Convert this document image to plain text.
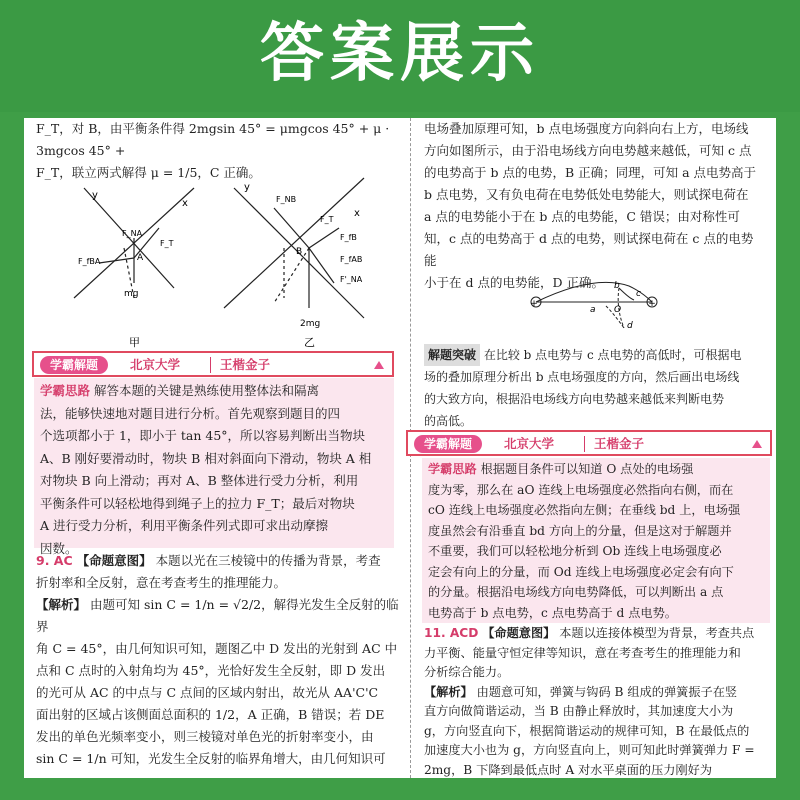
答案展示

F_T，对 B，由平衡条件得 2mgsin 45° = μmgcos 45° + μ · 3mgcos 45° +

F_T，联立两式解得 μ = 1/5，C 正确。

y
x
F_NA
F_T
F_fBA	A
mg
甲
y
x
F_NB
F_T
F_fB
B
F_fAB
F'_NA
2mg
乙
学霸解题	北京大学	王楷金子
学霸思路 解答本题的关键是熟练使用整体法和隔离
法，能够快速地对题目进行分析。首先观察到题目的四
个选项都小于 1，即小于 tan 45°，所以容易判断出当物块
A、B 刚好要滑动时，物块 B 相对斜面向下滑动，物块 A 相
对物块 B 向上滑动；再对 A、B 整体进行受力分析，利用
平衡条件可以轻松地得到绳子上的拉力 F_T；最后对物块
A 进行受力分析，利用平衡条件列式即可求出动摩擦
因数。

9. AC 【命题意图】 本题以光在三棱镜中的传播为背景，考查

折射率和全反射，意在考查考生的推理能力。

【解析】 由题可知 sin C = 1/n = √2/2，解得光发生全反射的临界

角 C = 45°，由几何知识可知，题图乙中 D 发出的光射到 AC 中

点和 C 点时的入射角均为 45°，光恰好发生全反射，即 D 发出

的光可从 AC 的中点与 C 点间的区域内射出，故光从 AA'C'C

面出射的区域占该侧面总面积的 1/2，A 正确，B 错误；若 DE

发出的单色光频率变小，则三棱镜对单色光的折射率变小，由

sin C = 1/n 可知，光发生全反射的临界角增大，由几何知识可

电场叠加原理可知，b 点电场强度方向斜向右上方，电场线

方向如图所示，由于沿电场线方向电势越来越低，可知 c 点

的电势高于 b 点的电势，B 正确；同理，可知 a 点电势高于

b 点电势，又有负电荷在电势低处电势能大，则试探电荷在

a 点的电势能小于在 b 点的电势能，C 错误；由对称性可

知，c 点的电势高于 d 点的电势，则试探电荷在 c 点的电势能

小于在 d 点的电势能，D 正确。

+	+
b
a O
c
d

解题突破 在比较 b 点电势与 c 点电势的高低时，可根据电

场的叠加原理分析出 b 点电场强度的方向，然后画出电场线

的大致方向，根据沿电场线方向电势越来越低来判断电势

的高低。

学霸解题	北京大学	王楷金子
学霸思路 根据题目条件可以知道 O 点处的电场强
度为零，那么在 aO 连线上电场强度必然指向右侧，而在
cO 连线上电场强度必然指向左侧；在垂线 bd 上，电场强
度虽然会有沿垂直 bd 方向上的分量，但是这对于解题并
不重要，我们可以轻松地分析到 Ob 连线上电场强度必
定会有向上的分量，而 Od 连线上电场强度必定会有向下
的分量。根据沿电场线方向电势降低，可以判断出 a 点
电势高于 b 点电势，c 点电势高于 d 点电势。

11. ACD 【命题意图】 本题以连接体模型为背景，考查共点

力平衡、能量守恒定律等知识，意在考查考生的推理能力和

分析综合能力。

【解析】 由题意可知，弹簧与钩码 B 组成的弹簧振子在竖

直方向做简谐运动，当 B 由静止释放时，其加速度大小为

g，方向竖直向下，根据简谐运动的规律可知，B 在最低点的

加速度大小也为 g，方向竖直向上，则可知此时弹簧弹力 F =

2mg，B 下降到最低点时 A 对水平桌面的压力刚好为
